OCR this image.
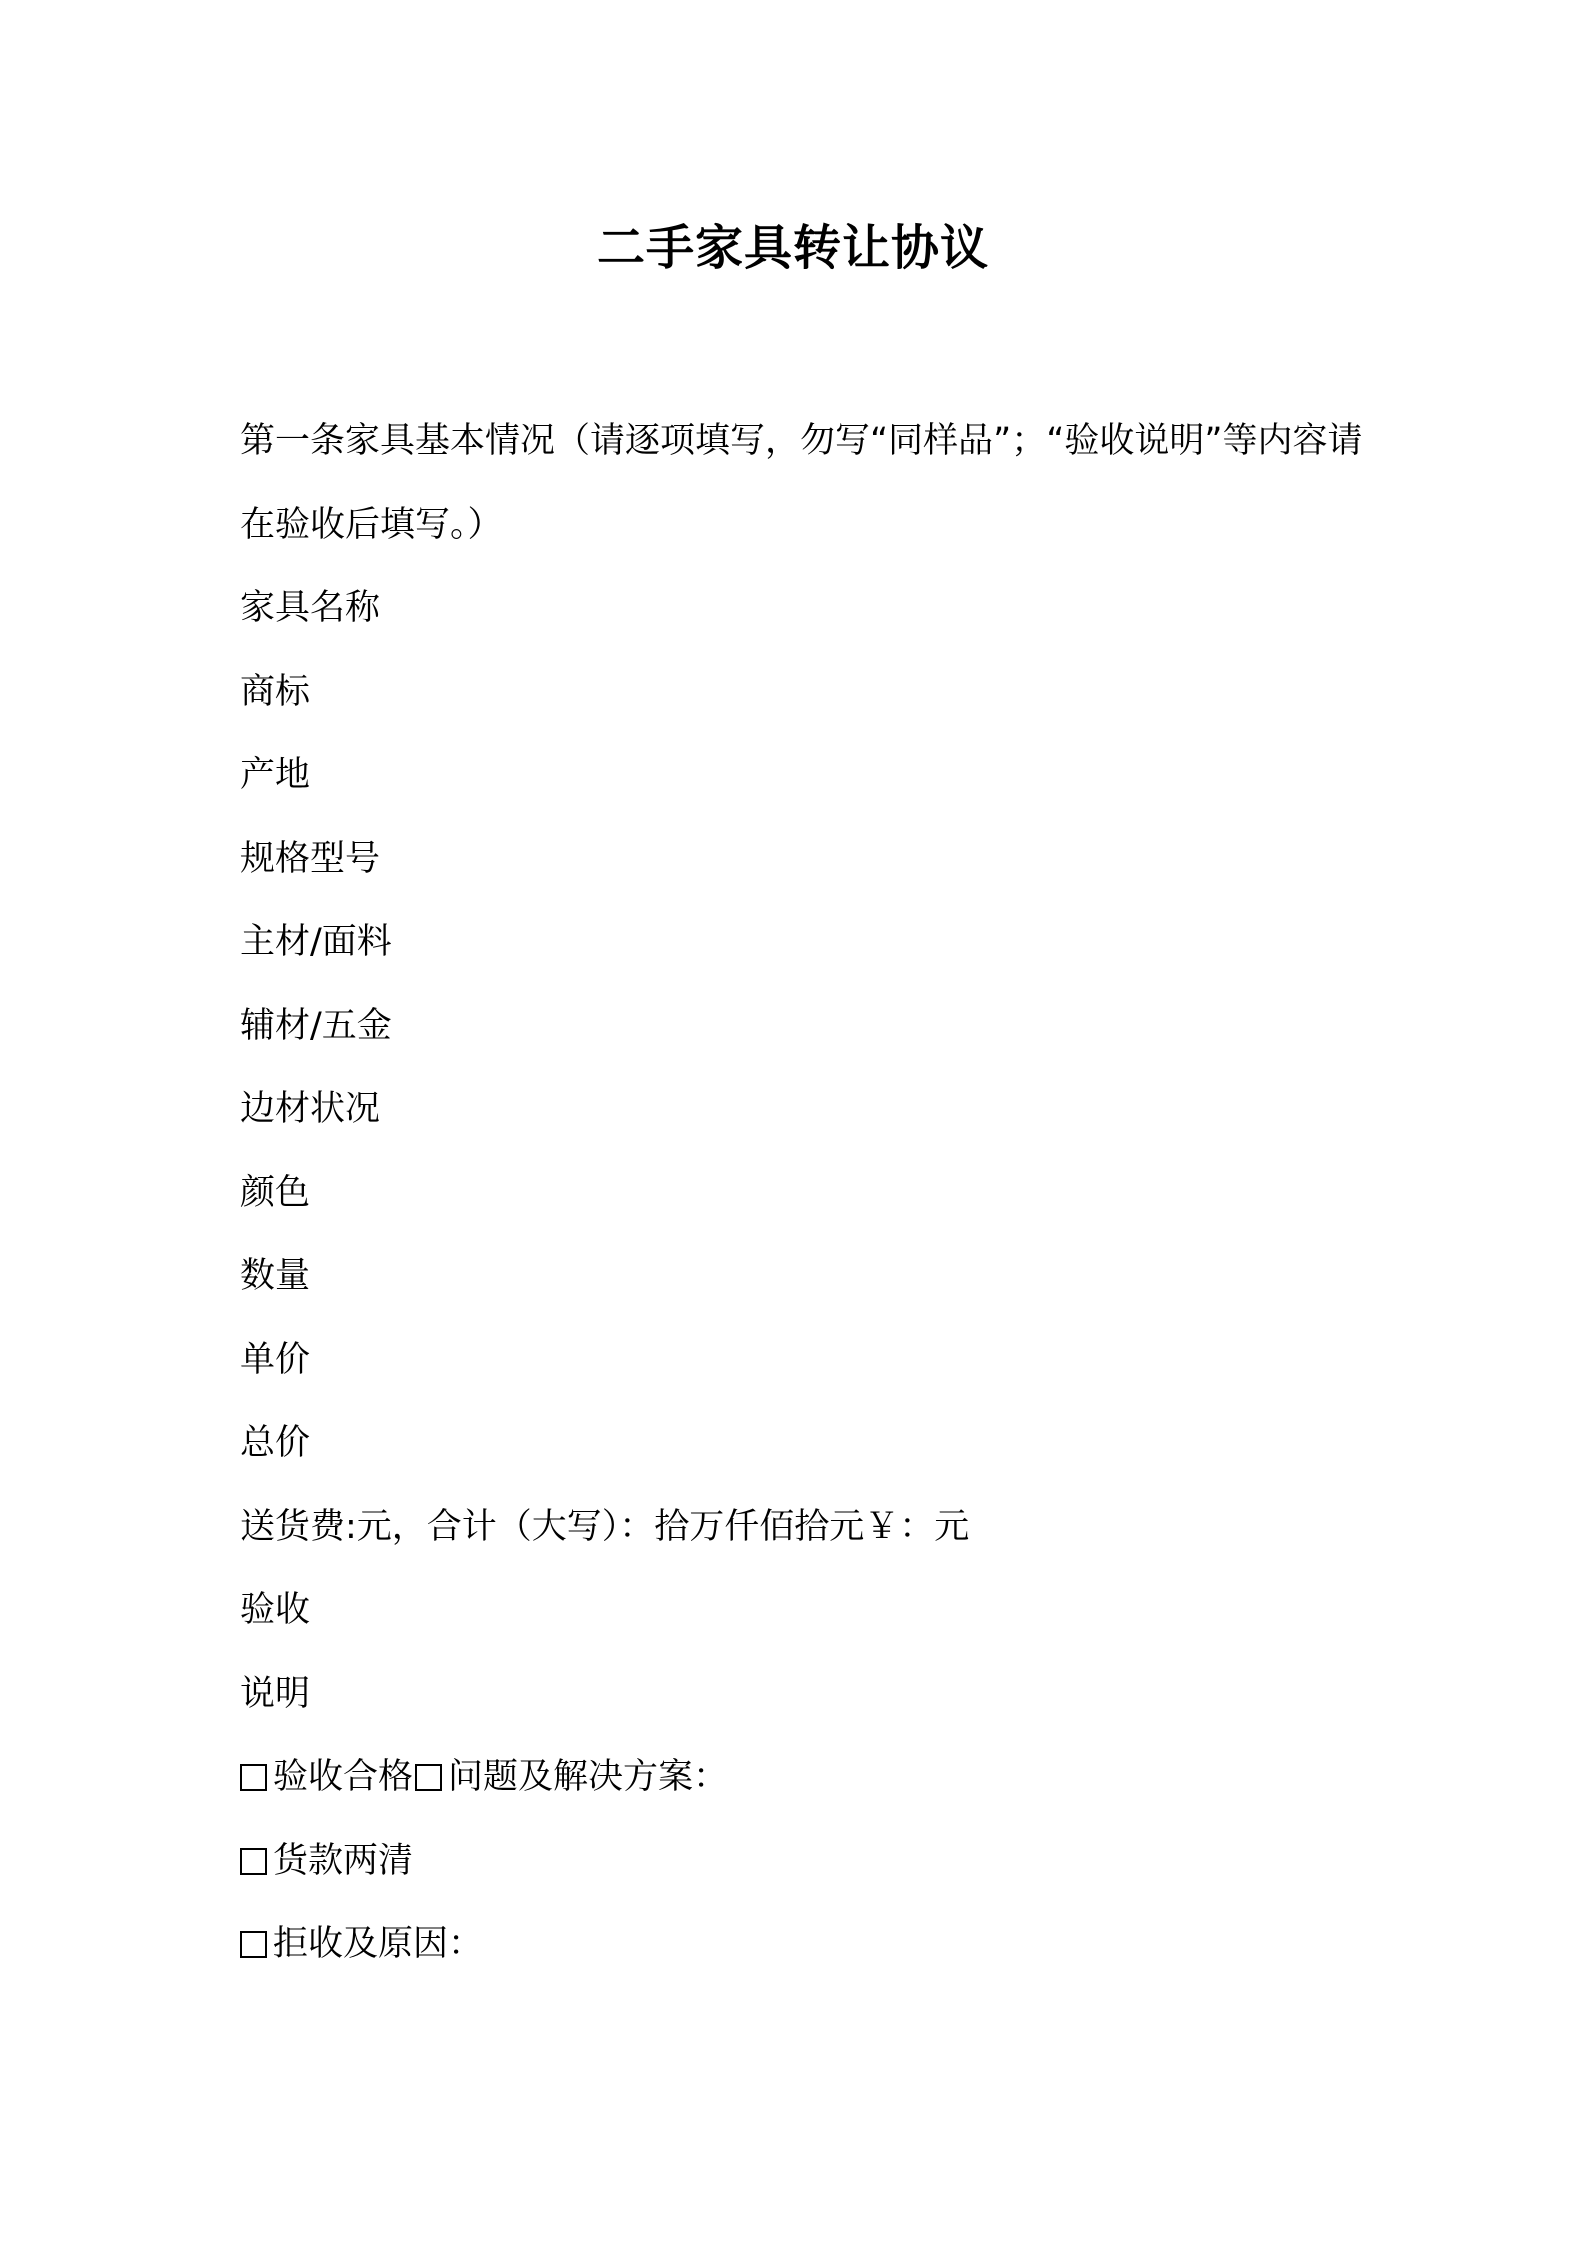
二手家具转让协议

第一条家具基本情况（请逐项填写，勿写“同样品”；“验收说明”等内容请在验收后填写。）

家具名称

商标

产地

规格型号

主材/面料

辅材/五金

边材状况

颜色

数量

单价

总价

送货费:元，合计（大写）：拾万仟佰拾元￥：元

验收

说明

验收合格 问题及解决方案：
货款两清
拒收及原因：
